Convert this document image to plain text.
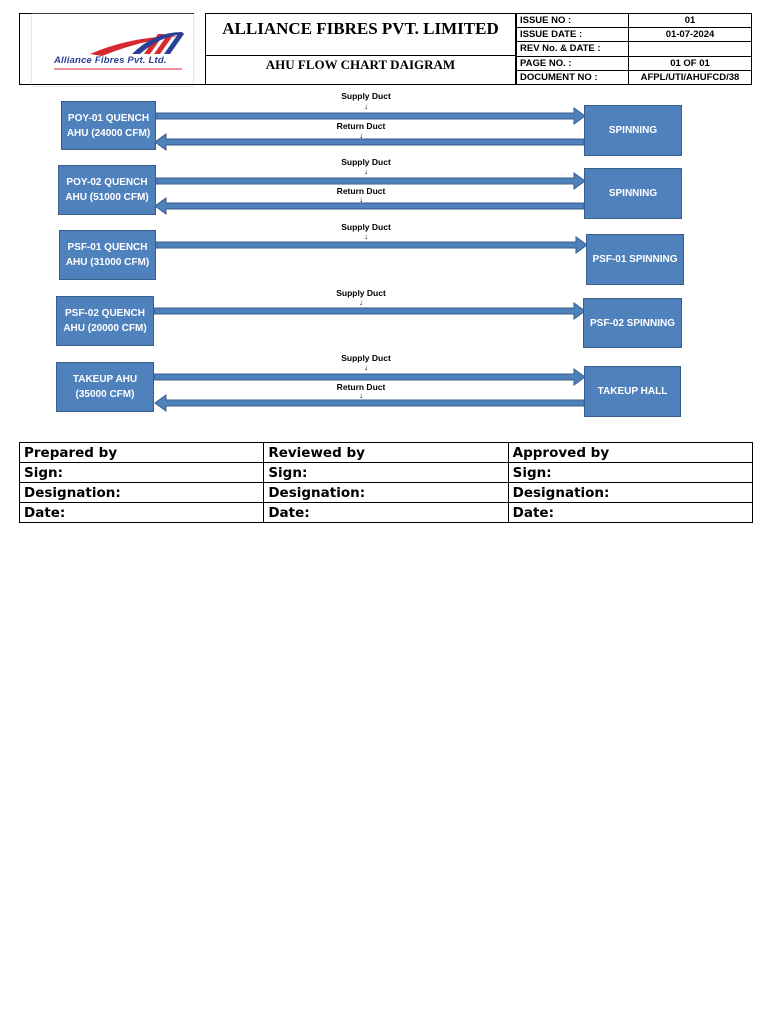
Alliance Fibres Pvt. Ltd.
ALLIANCE FIBRES PVT. LIMITED
AHU FLOW CHART DAIGRAM
ISSUE NO :	01
ISSUE DATE :	01-07-2024
REV No. & DATE :	
PAGE NO. :	01 OF 01
DOCUMENT NO :	AFPL/UTI/AHUFCD/38
POY-01 QUENCH
AHU (24000 CFM)	SPINNING
Supply Duct
↓
Return Duct
↓
POY-02 QUENCH
AHU (51000 CFM)	SPINNING
Supply Duct
↓
Return Duct
↓
PSF-01 QUENCH
AHU (31000 CFM)	PSF-01 SPINNING
Supply Duct
↓
PSF-02 QUENCH
AHU (20000 CFM)	PSF-02 SPINNING
Supply Duct
↓
TAKEUP AHU
(35000 CFM)	TAKEUP HALL
Supply Duct
↓
Return Duct
↓
Prepared by	Reviewed by	Approved by
Sign:	Sign:	Sign:
Designation:	Designation:	Designation:
Date:	Date:	Date:
